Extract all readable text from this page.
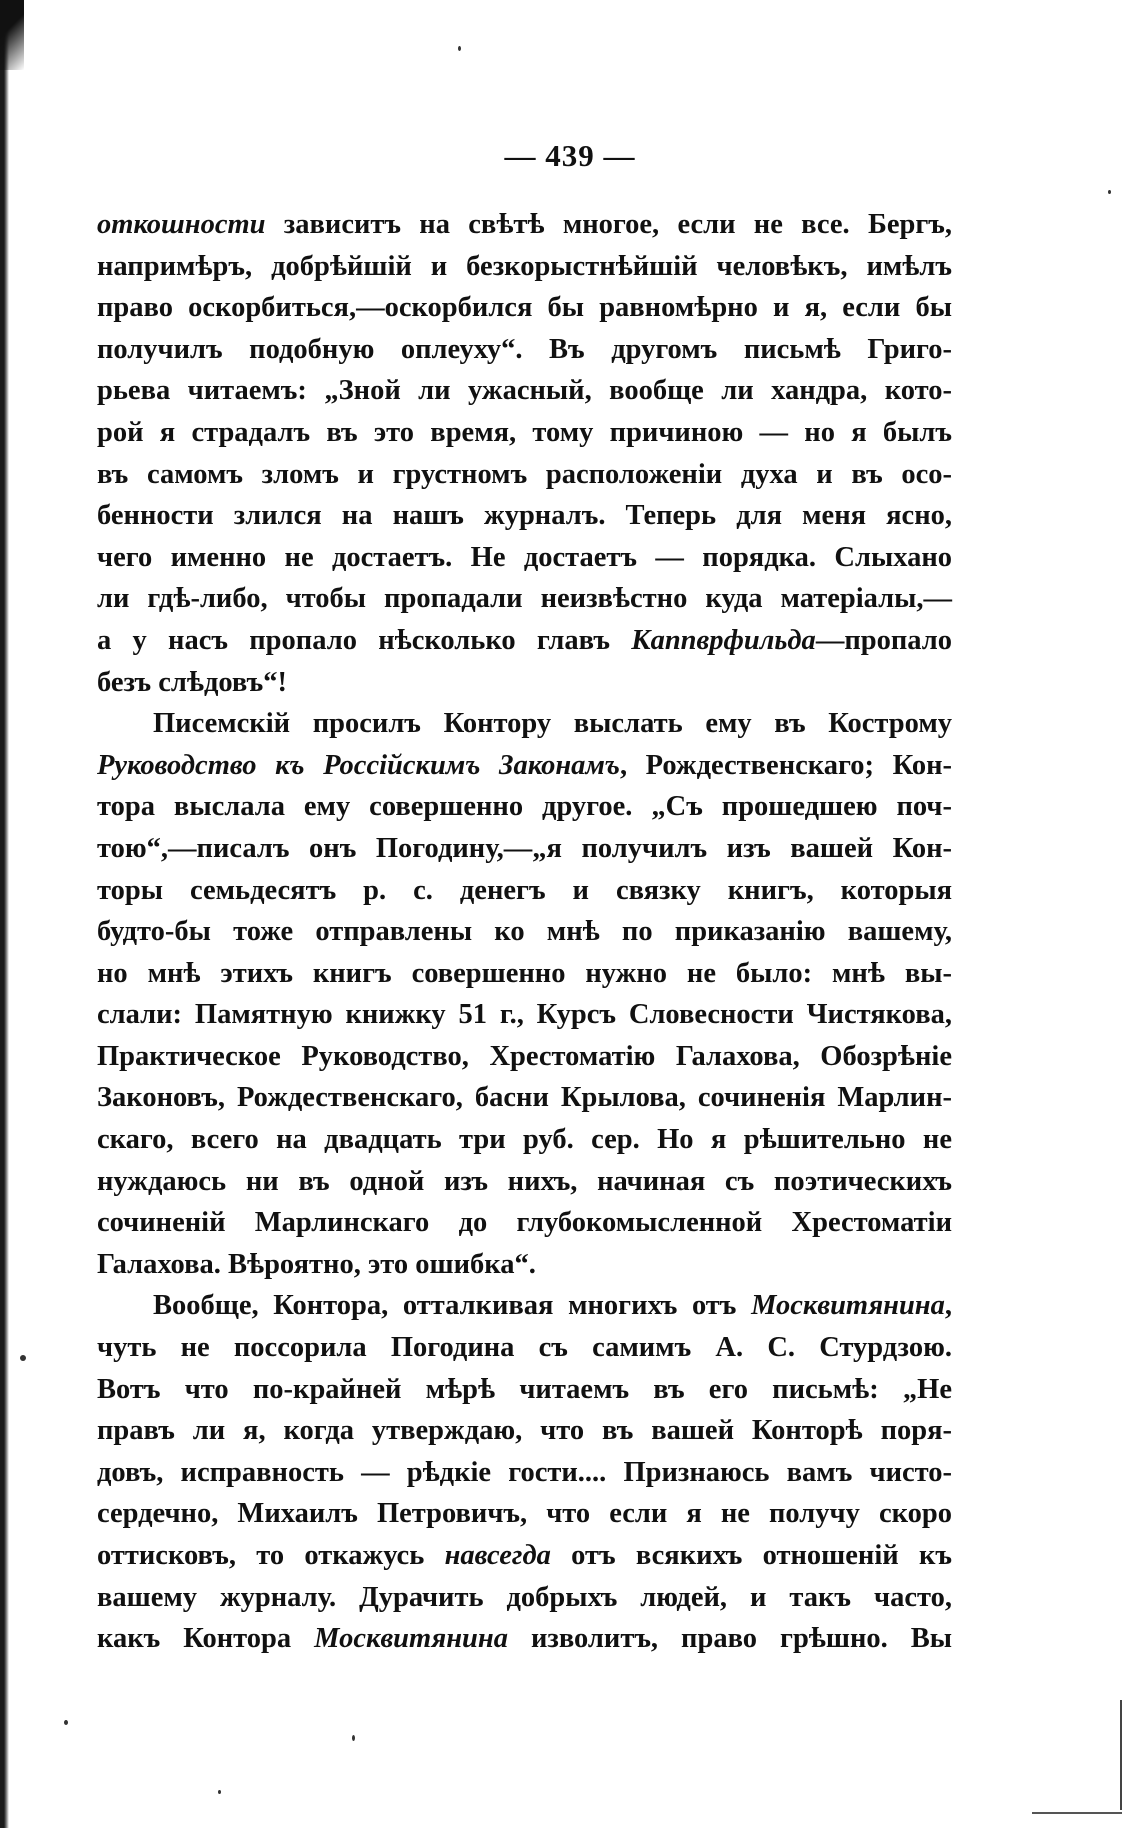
— 439 —
откошности зависитъ на свѣтѣ многое, если не все. Бергъ,
напримѣръ, добрѣйшій и безкорыстнѣйшій человѣкъ, имѣлъ
право оскорбиться,—оскорбился бы равномѣрно и я, если бы
получилъ подобную оплеуху“. Въ другомъ письмѣ Григо-
рьева читаемъ: „Зной ли ужасный, вообще ли хандра, кото-
рой я страдалъ въ это время, тому причиною — но я былъ
въ самомъ зломъ и грустномъ расположеніи духа и въ осо-
бенности злился на нашъ журналъ. Теперь для меня ясно,
чего именно не достаетъ. Не достаетъ — порядка. Слыхано
ли гдѣ-либо, чтобы пропадали неизвѣстно куда матеріалы,—
а у насъ пропало нѣсколько главъ Каппврфильда—пропало
безъ слѣдовъ“!
Писемскій просилъ Контору выслать ему въ Кострому
Руководство къ Россійскимъ Законамъ, Рождественскаго; Кон-
тора выслала ему совершенно другое. „Съ прошедшею поч-
тою“,—писалъ онъ Погодину,—„я получилъ изъ вашей Кон-
торы семьдесятъ р. с. денегъ и связку книгъ, которыя
будто-бы тоже отправлены ко мнѣ по приказанію вашему,
но мнѣ этихъ книгъ совершенно нужно не было: мнѣ вы-
слали: Памятную книжку 51 г., Курсъ Словесности Чистякова,
Практическое Руководство, Хрестоматію Галахова, Обозрѣніе
Законовъ, Рождественскаго, басни Крылова, сочиненія Марлин-
скаго, всего на двадцать три руб. сер. Но я рѣшительно не
нуждаюсь ни въ одной изъ нихъ, начиная съ поэтическихъ
сочиненій Марлинскаго до глубокомысленной Хрестоматіи
Галахова. Вѣроятно, это ошибка“.
Вообще, Контора, отталкивая многихъ отъ Москвитянина,
чуть не поссорила Погодина съ самимъ А. С. Стурдзою.
Вотъ что по-крайней мѣрѣ читаемъ въ его письмѣ: „Не
правъ ли я, когда утверждаю, что въ вашей Конторѣ поря-
довъ, исправность — рѣдкіе гости.... Признаюсь вамъ чисто-
сердечно, Михаилъ Петровичъ, что если я не получу скоро
оттисковъ, то откажусь навсегда отъ всякихъ отношеній къ
вашему журналу. Дурачить добрыхъ людей, и такъ часто,
какъ Контора Москвитянина изволитъ, право грѣшно. Вы
